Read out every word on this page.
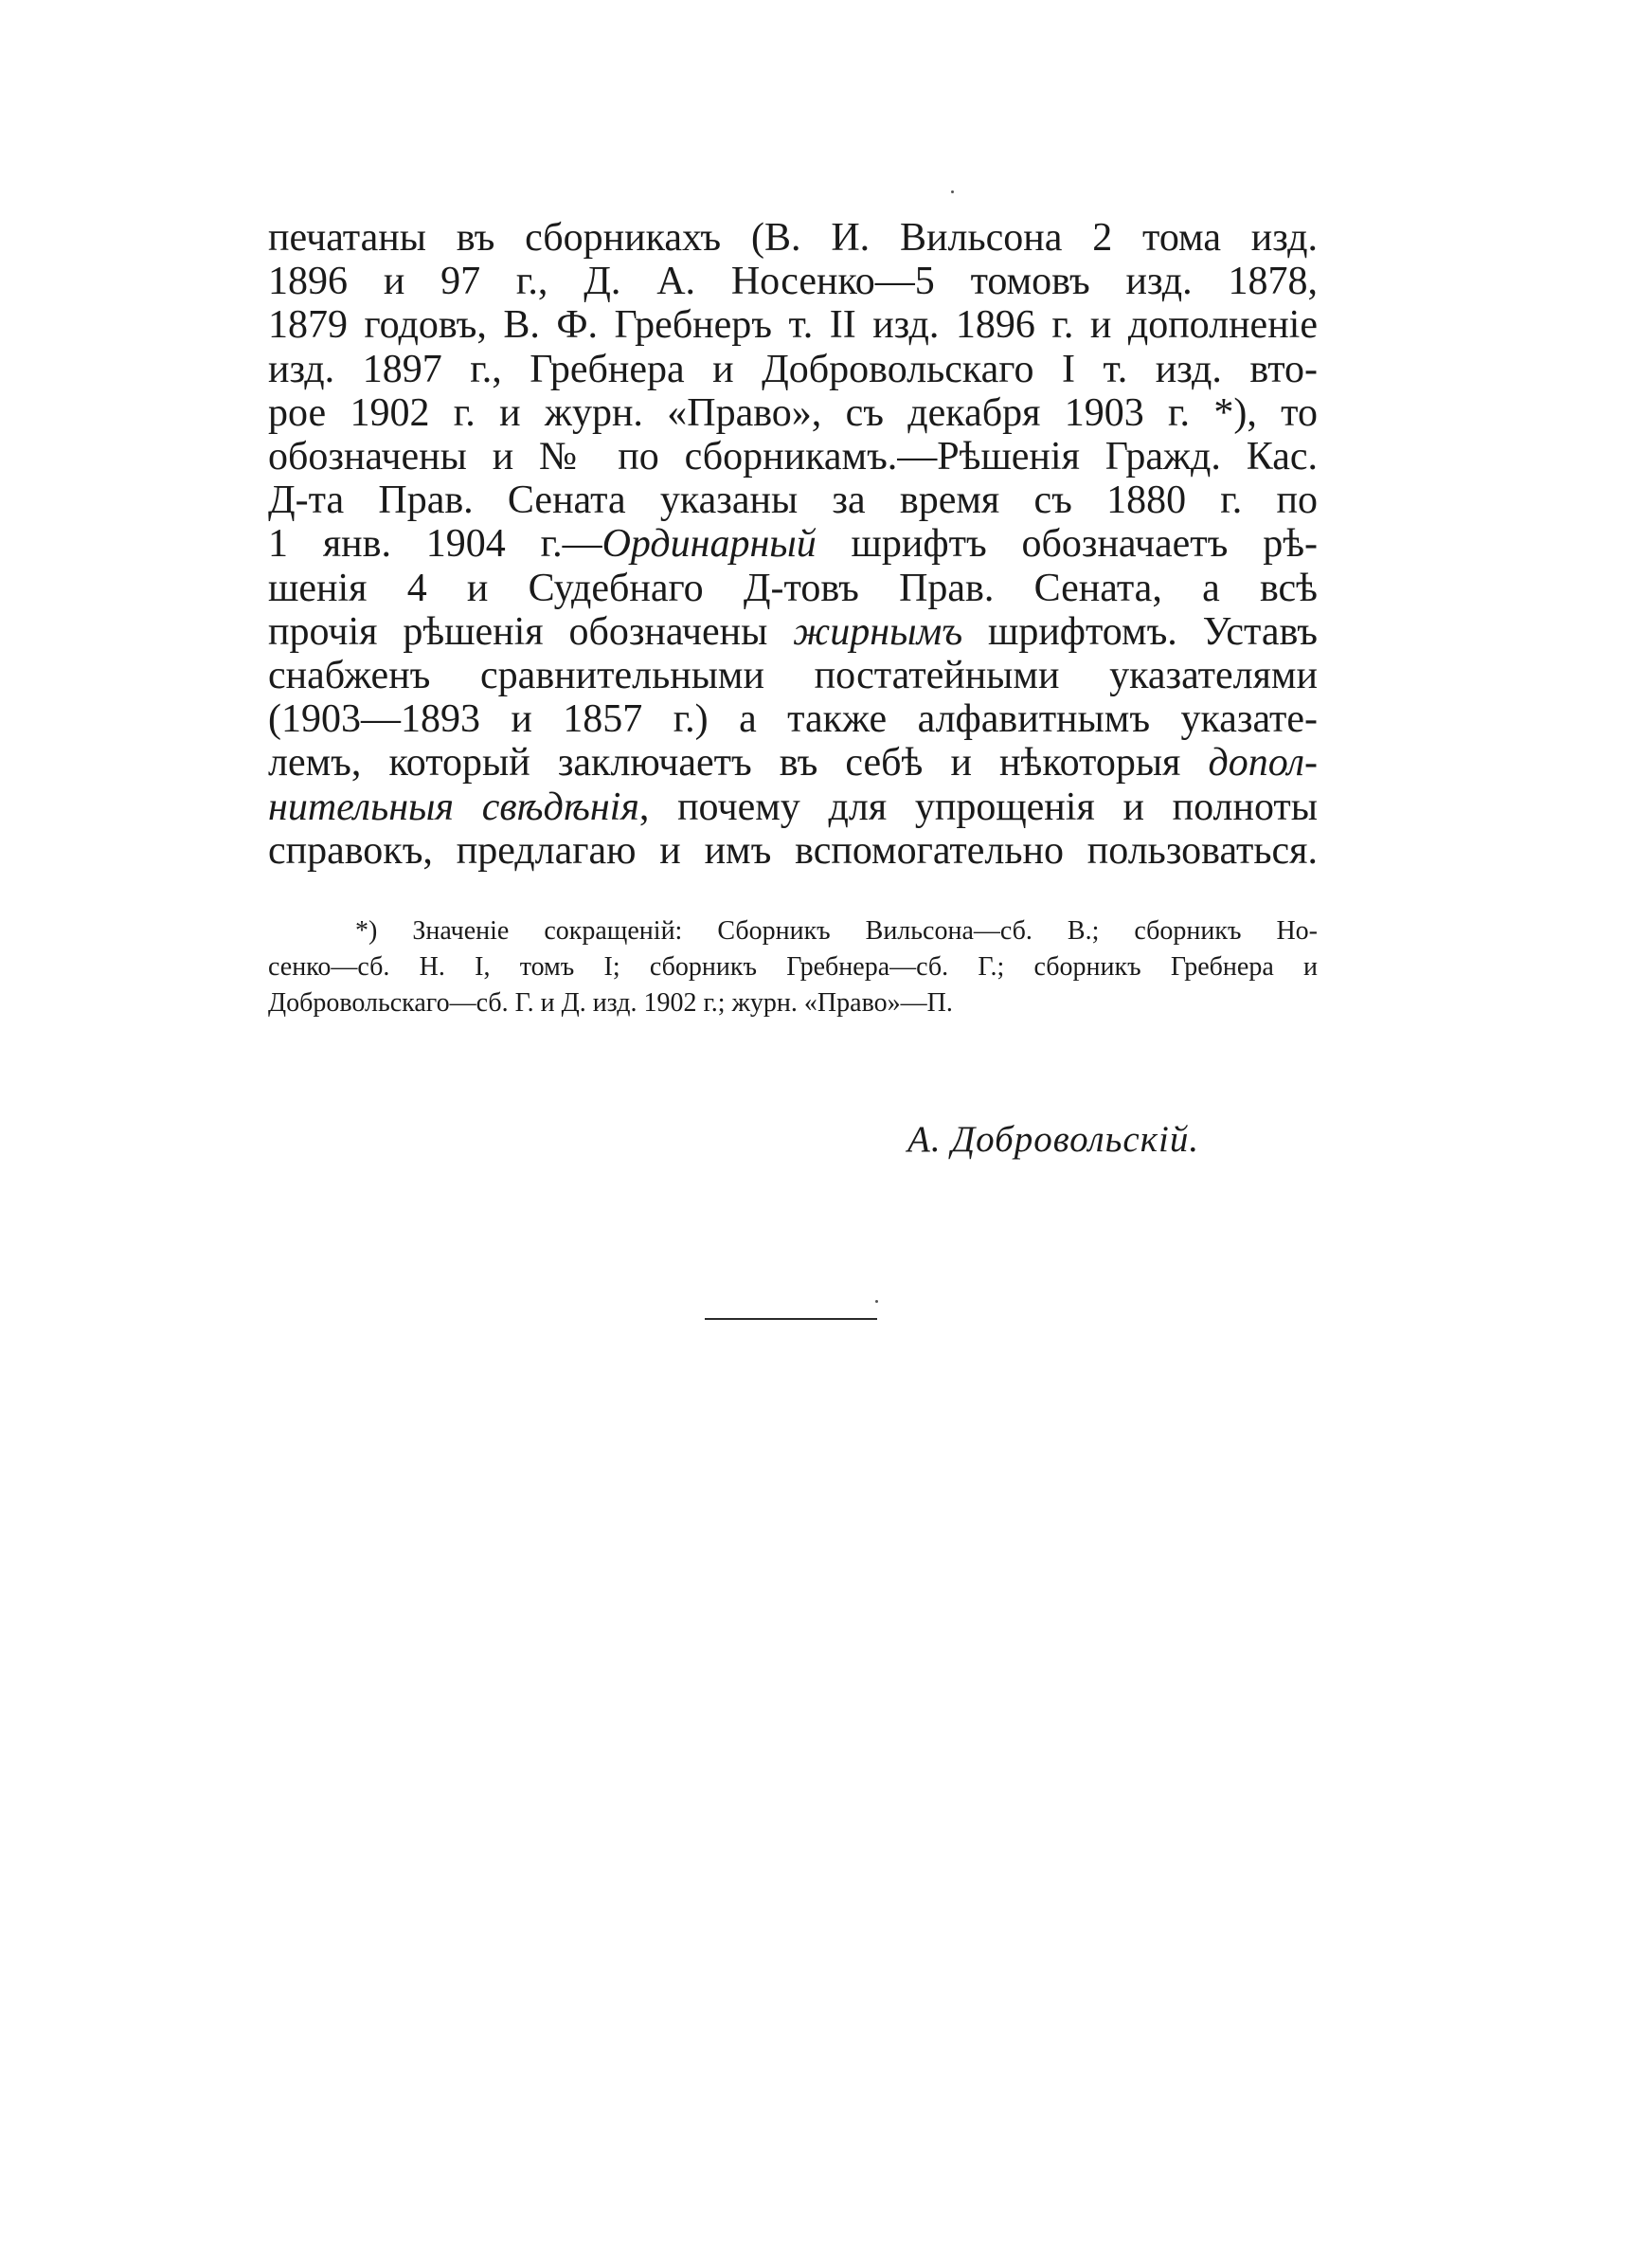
печатаны въ сборникахъ (В. И. Вильсона 2 тома изд.
1896 и 97 г., Д. А. Носенко—5 томовъ изд. 1878,
1879 годовъ, В. Ф. Гребнеръ т. II изд. 1896 г. и дополненіе
изд. 1897 г., Гребнера и Добровольскаго I т. изд. вто-
рое 1902 г. и журн. «Право», съ декабря 1903 г. *), то
обозначены и № по сборникамъ.—Рѣшенія Гражд. Кас.
Д-та Прав. Сената указаны за время съ 1880 г. по
1 янв. 1904 г.—Ординарный шрифтъ обозначаетъ рѣ-
шенія 4 и Судебнаго Д-товъ Прав. Сената, а всѣ
прочія рѣшенія обозначены жирнымъ шрифтомъ. Уставъ
снабженъ сравнительными постатейными указателями
(1903—1893 и 1857 г.) а также алфавитнымъ указате-
лемъ, который заключаетъ въ себѣ и нѣкоторыя допол-
нительныя свѣдѣнія, почему для упрощенія и полноты
справокъ, предлагаю и имъ вспомогательно пользоваться.
*) Значеніе сокращеній: Сборникъ Вильсона—сб. В.; сборникъ Но-
сенко—сб. Н. I, томъ I; сборникъ Гребнера—сб. Г.; сборникъ Гребнера и
Добровольскаго—сб. Г. и Д. изд. 1902 г.; журн. «Право»—П.
А. Добровольскій.
